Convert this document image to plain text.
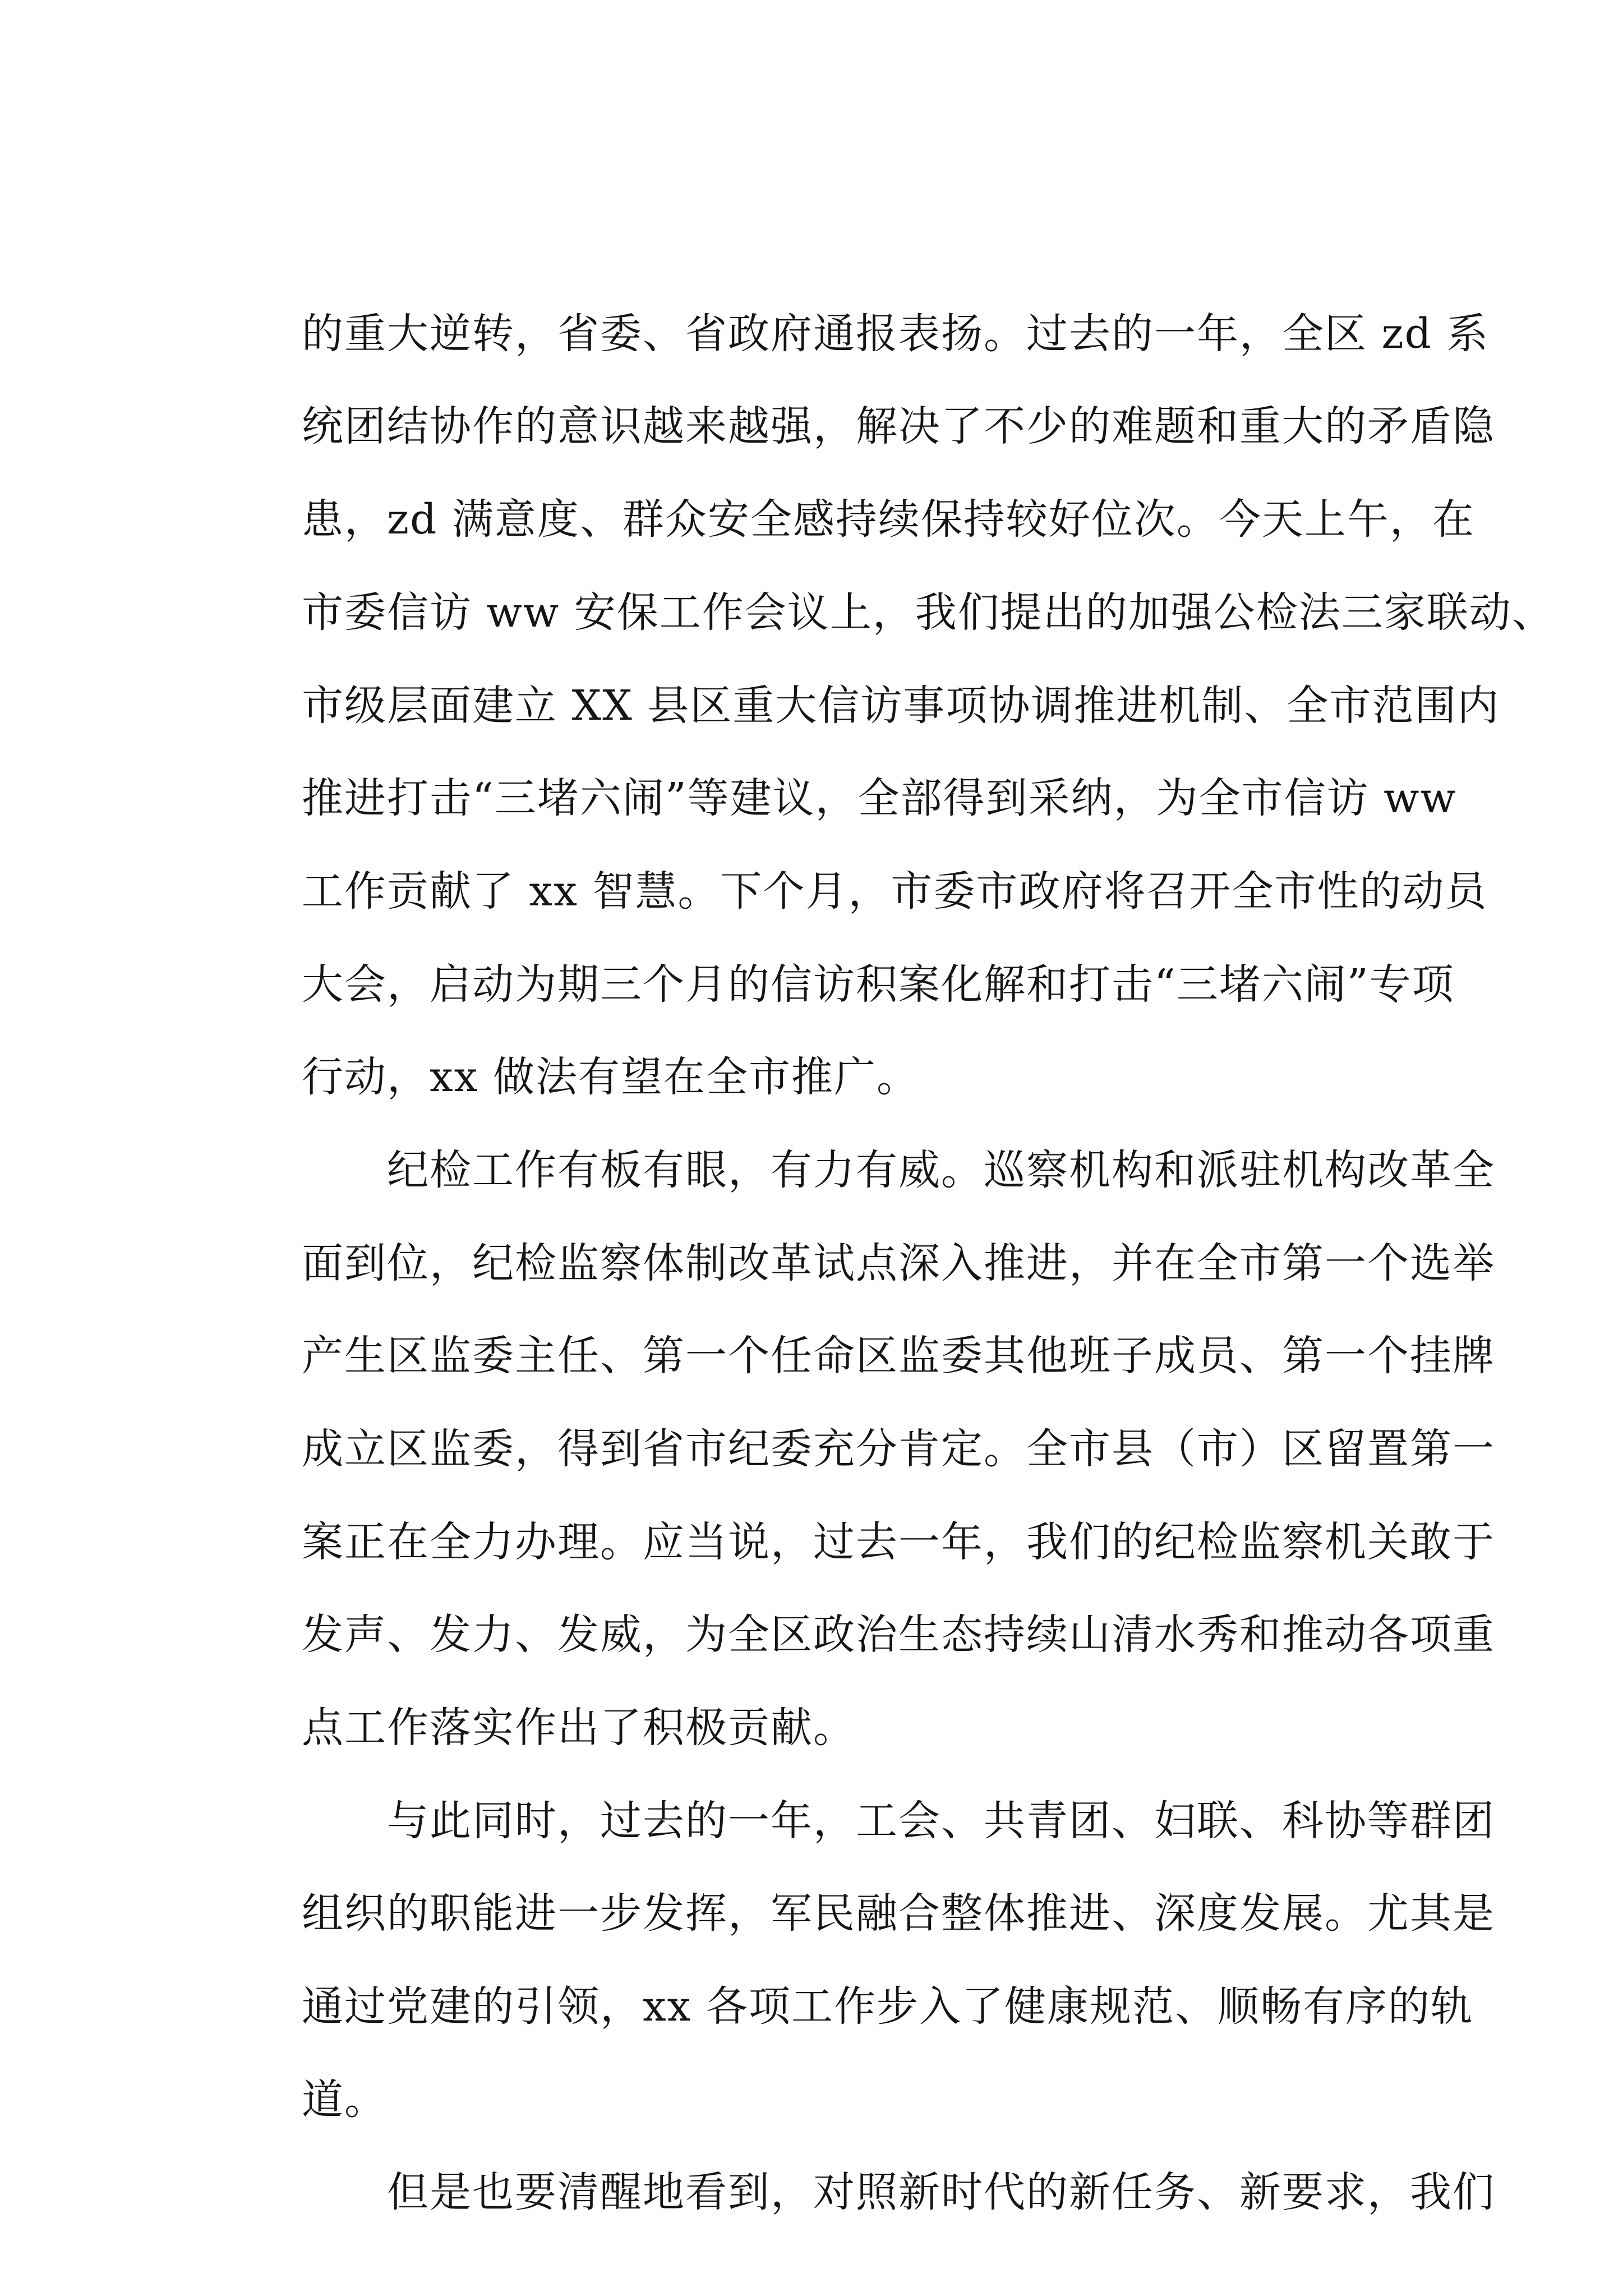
的重大逆转，省委、省政府通报表扬。过去的一年，全区 zd 系
统团结协作的意识越来越强，解决了不少的难题和重大的矛盾隐
患，zd 满意度、群众安全感持续保持较好位次。今天上午，在
市委信访 ww 安保工作会议上，我们提出的加强公检法三家联动、
市级层面建立 XX 县区重大信访事项协调推进机制、全市范围内
推进打击“三堵六闹”等建议，全部得到采纳，为全市信访 ww
工作贡献了 xx 智慧。下个月，市委市政府将召开全市性的动员
大会，启动为期三个月的信访积案化解和打击“三堵六闹”专项
行动，xx 做法有望在全市推广。
纪检工作有板有眼，有力有威。巡察机构和派驻机构改革全
面到位，纪检监察体制改革试点深入推进，并在全市第一个选举
产生区监委主任、第一个任命区监委其他班子成员、第一个挂牌
成立区监委，得到省市纪委充分肯定。全市县（市）区留置第一
案正在全力办理。应当说，过去一年，我们的纪检监察机关敢于
发声、发力、发威，为全区政治生态持续山清水秀和推动各项重
点工作落实作出了积极贡献。
与此同时，过去的一年，工会、共青团、妇联、科协等群团
组织的职能进一步发挥，军民融合整体推进、深度发展。尤其是
通过党建的引领，xx 各项工作步入了健康规范、顺畅有序的轨
道。
但是也要清醒地看到，对照新时代的新任务、新要求，我们
